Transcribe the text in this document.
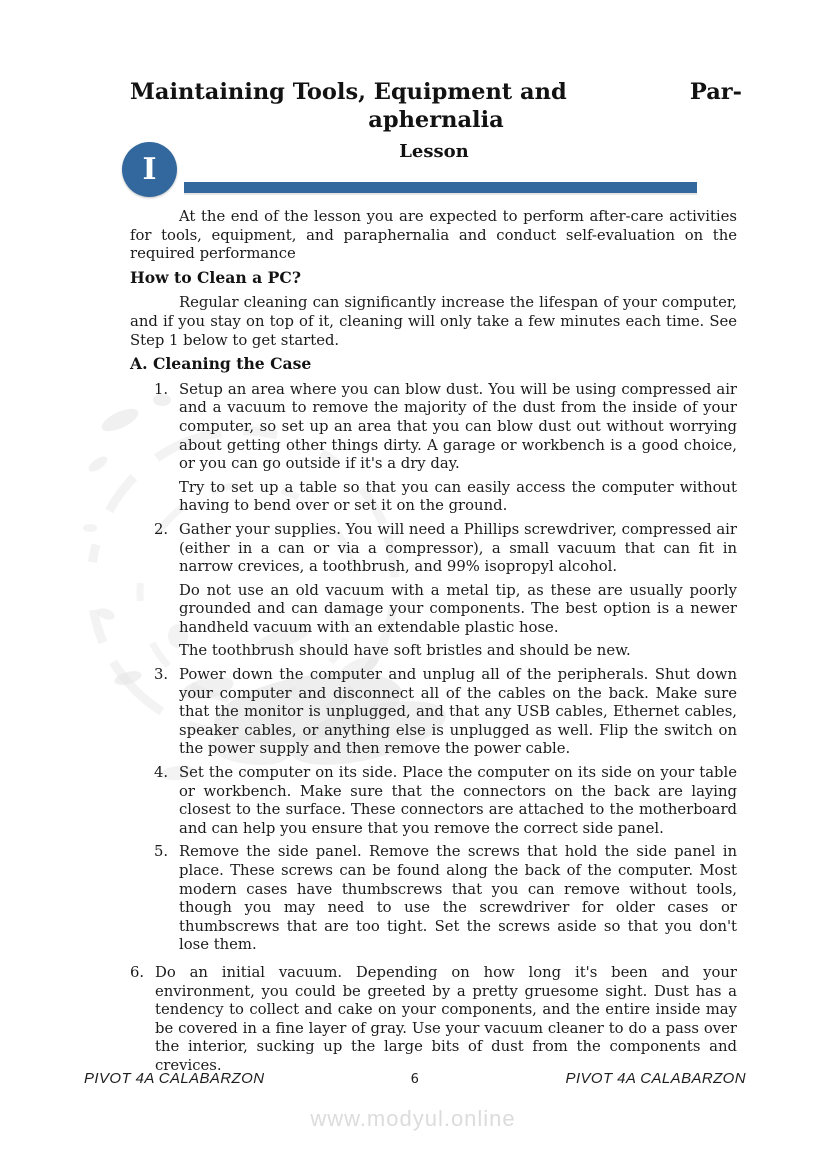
Maintaining Tools, Equipment and	Par-
aphernalia
Lesson
I

At the end of the lesson you are expected to perform after-care activities for tools, equipment, and paraphernalia and conduct self-evaluation on the required performance

How to Clean a PC?

Regular cleaning can significantly increase the lifespan of your computer, and if you stay on top of it, cleaning will only take a few minutes each time. See Step 1 below to get started.

A. Cleaning the Case
1. Setup an area where you can blow dust. You will be using compressed air and a vacuum to remove the majority of the dust from the inside of your computer, so set up an area that you can blow dust out without worrying about getting other things dirty. A garage or workbench is a good choice, or you can go outside if it's a dry day.

Try to set up a table so that you can easily access the computer without having to bend over or set it on the ground.

2. Gather your supplies. You will need a Phillips screwdriver, compressed air (either in a can or via a compressor), a small vacuum that can fit in narrow crevices, a toothbrush, and 99% isopropyl alcohol.

Do not use an old vacuum with a metal tip, as these are usually poorly grounded and can damage your components. The best option is a newer handheld vacuum with an extendable plastic hose.

The toothbrush should have soft bristles and should be new.

3. Power down the computer and unplug all of the peripherals. Shut down your computer and disconnect all of the cables on the back. Make sure that the monitor is unplugged, and that any USB cables, Ethernet cables, speaker cables, or anything else is unplugged as well. Flip the switch on the power supply and then remove the power cable.

4. Set the computer on its side. Place the computer on its side on your table or workbench. Make sure that the connectors on the back are laying closest to the surface. These connectors are attached to the motherboard and can help you ensure that you remove the correct side panel.

5. Remove the side panel. Remove the screws that hold the side panel in place. These screws can be found along the back of the computer. Most modern cases have thumbscrews that you can remove without tools, though you may need to use the screwdriver for older cases or thumbscrews that are too tight. Set the screws aside so that you don't lose them.

6. Do an initial vacuum. Depending on how long it's been and your environment, you could be greeted by a pretty gruesome sight. Dust has a tendency to collect and cake on your components, and the entire inside may be covered in a fine layer of gray. Use your vacuum cleaner to do a pass over the interior, sucking up the large bits of dust from the components and crevices.

PIVOT 4A CALABARZON	6	PIVOT 4A CALABARZON
www.modyul.online
